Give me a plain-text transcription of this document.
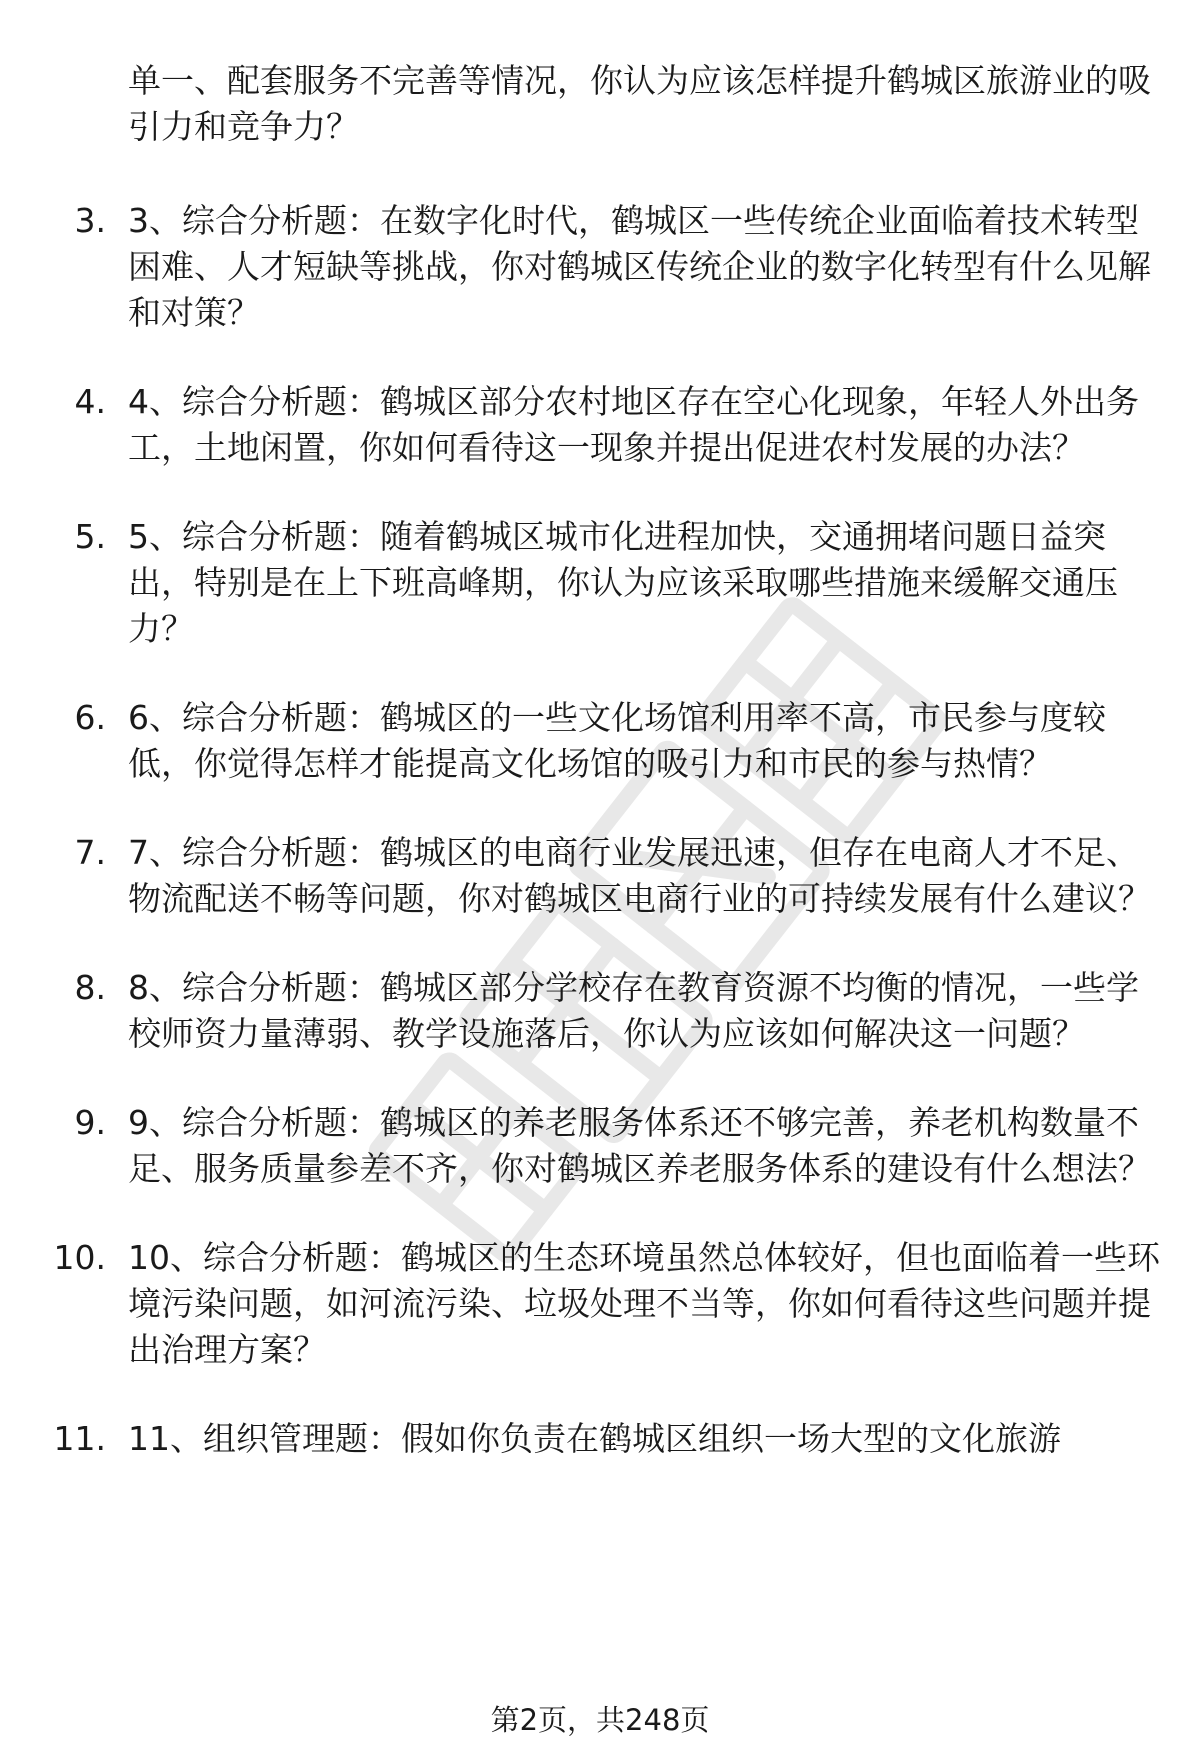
单一、配套服务不完善等情况，你认为应该怎样提升鹤城区旅游业的吸引力和竞争力？

3. 3、综合分析题：在数字化时代，鹤城区一些传统企业面临着技术转型困难、人才短缺等挑战，你对鹤城区传统企业的数字化转型有什么见解和对策？
4. 4、综合分析题：鹤城区部分农村地区存在空心化现象，年轻人外出务工，土地闲置，你如何看待这一现象并提出促进农村发展的办法？
5. 5、综合分析题：随着鹤城区城市化进程加快，交通拥堵问题日益突出，特别是在上下班高峰期，你认为应该采取哪些措施来缓解交通压力？
6. 6、综合分析题：鹤城区的一些文化场馆利用率不高，市民参与度较低，你觉得怎样才能提高文化场馆的吸引力和市民的参与热情？
7. 7、综合分析题：鹤城区的电商行业发展迅速，但存在电商人才不足、物流配送不畅等问题，你对鹤城区电商行业的可持续发展有什么建议？
8. 8、综合分析题：鹤城区部分学校存在教育资源不均衡的情况，一些学校师资力量薄弱、教学设施落后，你认为应该如何解决这一问题？
9. 9、综合分析题：鹤城区的养老服务体系还不够完善，养老机构数量不足、服务质量参差不齐，你对鹤城区养老服务体系的建设有什么想法？
10. 10、综合分析题：鹤城区的生态环境虽然总体较好，但也面临着一些环境污染问题，如河流污染、垃圾处理不当等，你如何看待这些问题并提出治理方案？
11. 11、组织管理题：假如你负责在鹤城区组织一场大型的文化旅游
第2页，共248页
